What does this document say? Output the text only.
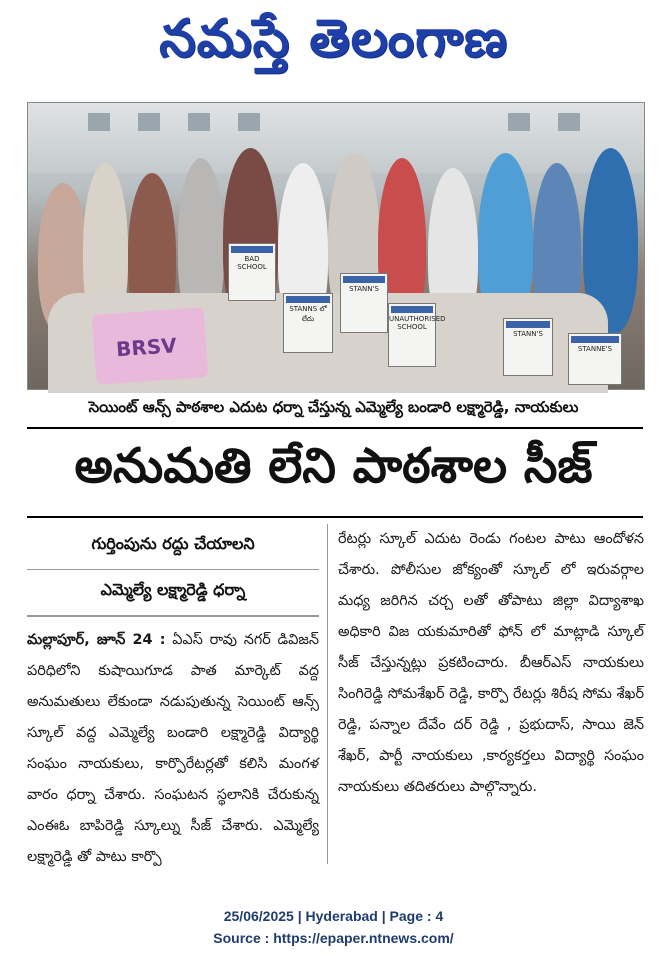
నమస్తే తెలంగాణ
BAD SCHOOL
STANNS లో లేదు
STANN'S
UNAUTHORISED SCHOOL
STANN'S
STANNE'S
BRSV
సెయింట్ ఆన్స్ పాఠశాల ఎదుట ధర్నా చేస్తున్న ఎమ్మెల్యే బండారి లక్ష్మారెడ్డి, నాయకులు
అనుమతి లేని పాఠశాల సీజ్
గుర్తింపును రద్దు చేయాలని
ఎమ్మెల్యే లక్ష్మారెడ్డి ధర్నా
మల్లాపూర్, జూన్ 24 : ఏఎస్ రావు నగర్ డివిజన్ పరిధిలోని కుషాయిగూడ పాత మార్కెట్ వద్ద అనుమతులు లేకుండా నడుపుతున్న సెయింట్ ఆన్స్ స్కూల్ వద్ద ఎమ్మెల్యే బండారి లక్ష్మారెడ్డి విద్యార్థి సంఘం నాయకులు, కార్పొరేటర్లతో కలిసి మంగళ వారం ధర్నా చేశారు. సంఘటన స్థలానికి చేరుకున్న ఎంఈఓ బాపిరెడ్డి స్కూల్ను సీజ్ చేశారు. ఎమ్మెల్యే లక్ష్మారెడ్డి తో పాటు కార్పొ
రేటర్లు స్కూల్ ఎదుట రెండు గంటల పాటు ఆందోళన చేశారు. పోలీసుల జోక్యంతో స్కూల్ లో ఇరువర్గాల మధ్య జరిగిన చర్చ లతో తోపాటు జిల్లా విద్యాశాఖ అధికారి విజ యకుమారితో ఫోన్ లో మాట్లాడి స్కూల్ సీజ్ చేస్తున్నట్లు ప్రకటించారు. బీఆర్ఎస్ నాయకులు సింగిరెడ్డి సోమశేఖర్ రెడ్డి, కార్పొ రేటర్లు శిరీష సోమ శేఖర్ రెడ్డి, పన్నాల దేవేం దర్ రెడ్డి , ప్రభుదాస్, సాయి జెన్ శేఖర్, పార్టీ నాయకులు ,కార్యకర్తలు విద్యార్థి సంఘం నాయకులు తదితరులు పాల్గొన్నారు.
25/06/2025 | Hyderabad | Page : 4
Source : https://epaper.ntnews.com/
